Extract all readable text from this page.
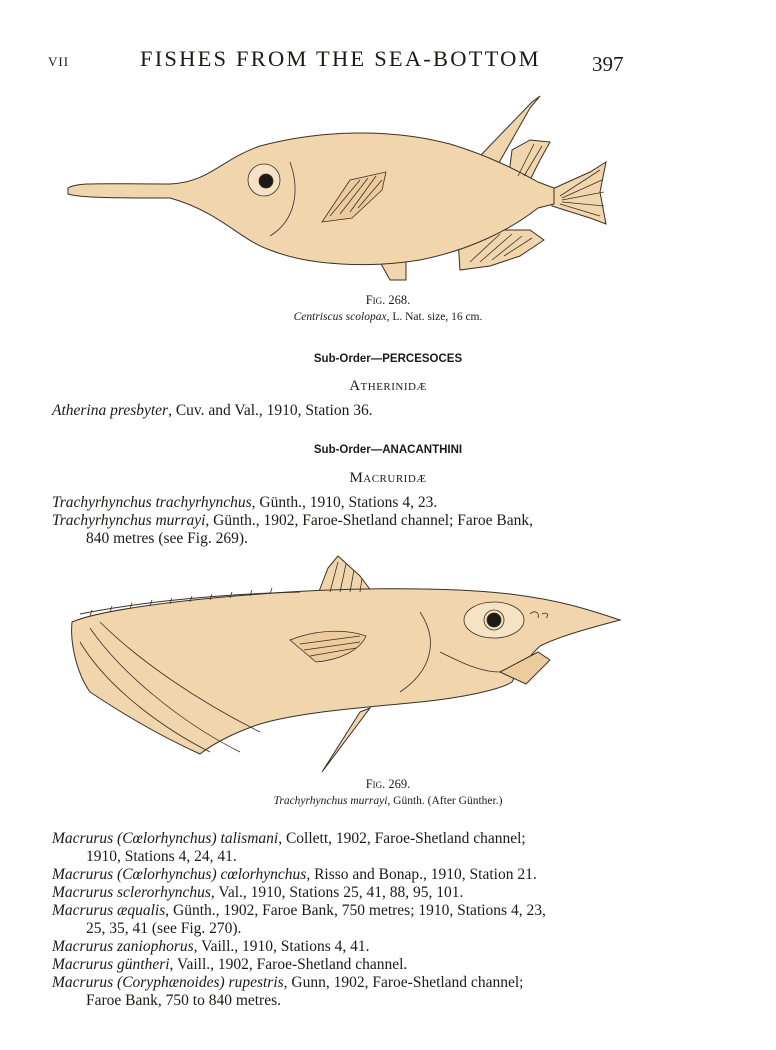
VII	FISHES FROM THE SEA-BOTTOM 397
Fig. 268.
Centriscus scolopax, L. Nat. size, 16 cm.
Sub-Order—PERCESOCES
Atherinidæ
Atherina presbyter, Cuv. and Val., 1910, Station 36.
Sub-Order—ANACANTHINI
Macruridæ
Trachyrhynchus trachyrhynchus, Günth., 1910, Stations 4, 23.
Trachyrhynchus murrayi, Günth., 1902, Faroe-Shetland channel; Faroe Bank,
840 metres (see Fig. 269).
Fig. 269.
Trachyrhynchus murrayi, Günth. (After Günther.)
Macrurus (Cœlorhynchus) talismani, Collett, 1902, Faroe-Shetland channel;
1910, Stations 4, 24, 41.
Macrurus (Cœlorhynchus) cœlorhynchus, Risso and Bonap., 1910, Station 21.
Macrurus sclerorhynchus, Val., 1910, Stations 25, 41, 88, 95, 101.
Macrurus æqualis, Günth., 1902, Faroe Bank, 750 metres; 1910, Stations 4, 23,
25, 35, 41 (see Fig. 270).
Macrurus zaniophorus, Vaill., 1910, Stations 4, 41.
Macrurus güntheri, Vaill., 1902, Faroe-Shetland channel.
Macrurus (Coryphænoides) rupestris, Gunn, 1902, Faroe-Shetland channel;
Faroe Bank, 750 to 840 metres.
